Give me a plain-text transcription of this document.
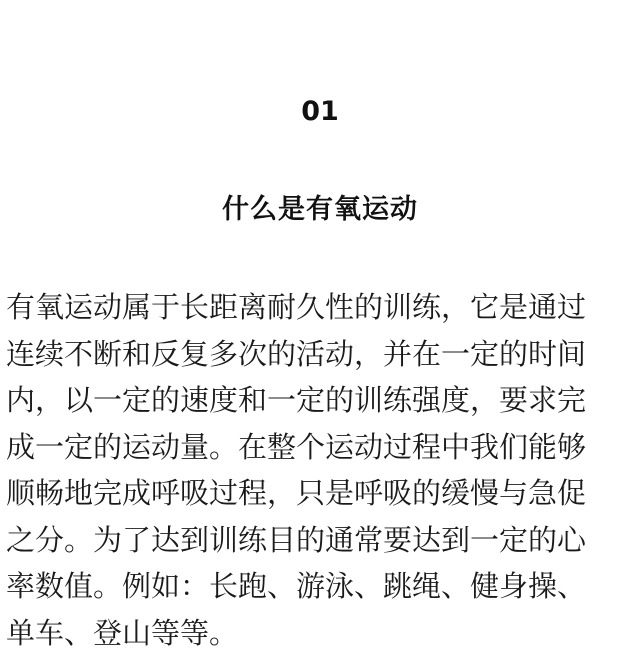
01
什么是有氧运动
有氧运动属于长距离耐久性的训练，它是通过
连续不断和反复多次的活动，并在一定的时间
内，以一定的速度和一定的训练强度，要求完
成一定的运动量。在整个运动过程中我们能够
顺畅地完成呼吸过程，只是呼吸的缓慢与急促
之分。为了达到训练目的通常要达到一定的心
率数值。例如：长跑、游泳、跳绳、健身操、
单车、登山等等。
